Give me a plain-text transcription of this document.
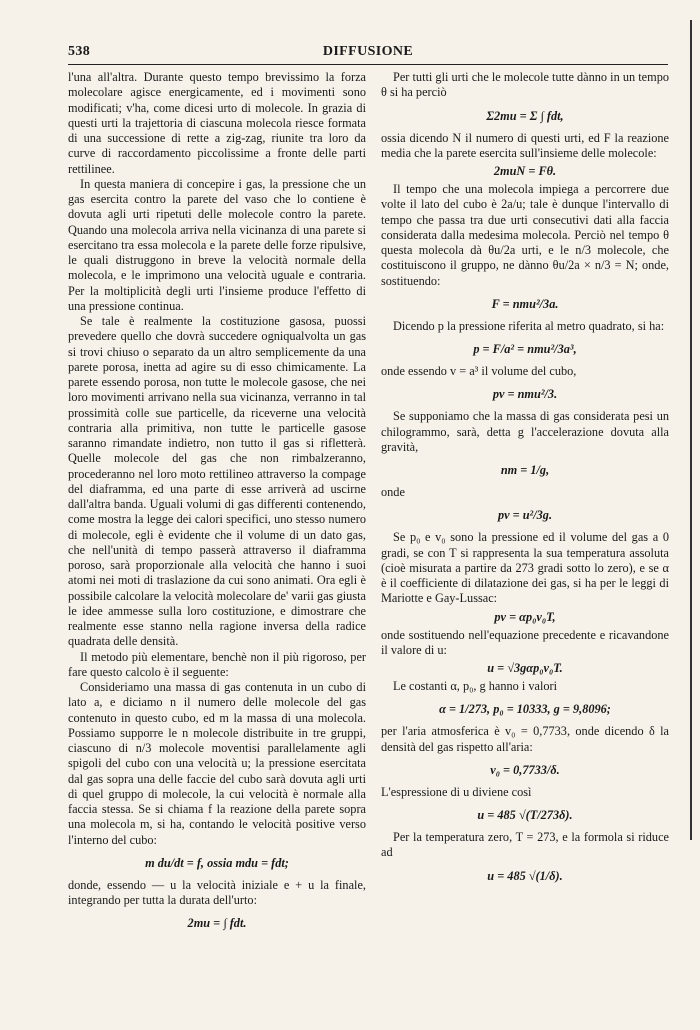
538	DIFFUSIONE

l'una all'altra. Durante questo tempo brevissimo la forza molecolare agisce energicamente, ed i movimenti sono modificati; v'ha, come dicesi urto di molecole. In grazia di questi urti la trajettoria di ciascuna molecola riesce formata di una successione di rette a zig-zag, riunite tra loro da curve di raccordamento piccolissime a fronte delle parti rettilinee.

In questa maniera di concepire i gas, la pressione che un gas esercita contro la parete del vaso che lo contiene è dovuta agli urti ripetuti delle molecole contro la parete. Quando una molecola arriva nella vicinanza di una parete si esercitano tra essa molecola e la parete delle forze ripulsive, le quali distruggono in breve la velocità normale della molecola, e le imprimono una velocità uguale e contraria. Per la moltiplicità degli urti l'insieme produce l'effetto di una pressione continua.

Se tale è realmente la costituzione gasosa, puossi prevedere quello che dovrà succedere ogniqualvolta un gas si trovi chiuso o separato da un altro semplicemente da una parete porosa, inetta ad agire su di esso chimicamente. La parete essendo porosa, non tutte le molecole gasose, che nei loro movimenti arrivano nella sua vicinanza, verranno in tal prossimità colle sue particelle, da riceverne una velocità contraria alla primitiva, non tutte le particelle gasose saranno rimandate indietro, non tutto il gas si rifletterà. Quelle molecole del gas che non rimbalzeranno, procederanno nel loro moto rettilineo attraverso la compage del diaframma, ed una parte di esse arriverà ad uscirne dall'altra banda. Uguali volumi di gas differenti contenendo, come mostra la legge dei calori specifici, uno stesso numero di molecole, egli è evidente che il volume di un dato gas, che nell'unità di tempo passerà attraverso il diaframma poroso, sarà proporzionale alla velocità che hanno i suoi atomi nei moti di traslazione da cui sono animati. Ora egli è possibile calcolare la velocità molecolare de' varii gas giusta le idee ammesse sulla loro costituzione, e dimostrare che realmente esse stanno nella ragione inversa della radice quadrata delle densità.

Il metodo più elementare, benchè non il più rigoroso, per fare questo calcolo è il seguente:

Consideriamo una massa di gas contenuta in un cubo di lato a, e diciamo n il numero delle molecole del gas contenuto in questo cubo, ed m la massa di una molecola. Possiamo supporre le n molecole distribuite in tre gruppi, ciascuno di n/3 molecole moventisi parallelamente agli spigoli del cubo con una velocità u; la pressione esercitata dal gas sopra una delle faccie del cubo sarà dovuta agli urti di quel gruppo di molecole, la cui velocità è normale alla faccia stessa. Se si chiama f la reazione della parete sopra una molecola m, si ha, contando le velocità positive verso l'interno del cubo:

m du/dt = f, ossia mdu = fdt;

donde, essendo — u la velocità iniziale e + u la finale, integrando per tutta la durata dell'urto:

2mu = ∫ fdt.

Per tutti gli urti che le molecole tutte dànno in un tempo θ si ha perciò

Σ2mu = Σ ∫ fdt,

ossia dicendo N il numero di questi urti, ed F la reazione media che la parete esercita sull'insieme delle molecole:

2muN = Fθ.

Il tempo che una molecola impiega a percorrere due volte il lato del cubo è 2a/u; tale è dunque l'intervallo di tempo che passa tra due urti consecutivi dati alla faccia considerata dalla medesima molecola. Perciò nel tempo θ questa molecola dà θu/2a urti, e le n/3 molecole, che costituiscono il gruppo, ne dànno θu/2a × n/3 = N; onde, sostituendo:

F = nmu²/3a.

Dicendo p la pressione riferita al metro quadrato, si ha:

p = F/a² = nmu²/3a³,

onde essendo v = a³ il volume del cubo,

pv = nmu²/3.

Se supponiamo che la massa di gas considerata pesi un chilogrammo, sarà, detta g l'accelerazione dovuta alla gravità,

nm = 1/g,

onde

pv = u²/3g.

Se p₀ e v₀ sono la pressione ed il volume del gas a 0 gradi, se con T si rappresenta la sua temperatura assoluta (cioè misurata a partire da 273 gradi sotto lo zero), e se α è il coefficiente di dilatazione dei gas, si ha per le leggi di Mariotte e Gay-Lussac:

pv = αp₀v₀T,

onde sostituendo nell'equazione precedente e ricavandone il valore di u:

u = √3gαp₀v₀T.

Le costanti α, p₀, g hanno i valori

α = 1/273, p₀ = 10333, g = 9,8096;

per l'aria atmosferica è v₀ = 0,7733, onde dicendo δ la densità del gas rispetto all'aria:

v₀ = 0,7733/δ.

L'espressione di u diviene così

u = 485 √(T/273δ).

Per la temperatura zero, T = 273, e la formola si riduce ad

u = 485 √(1/δ).
